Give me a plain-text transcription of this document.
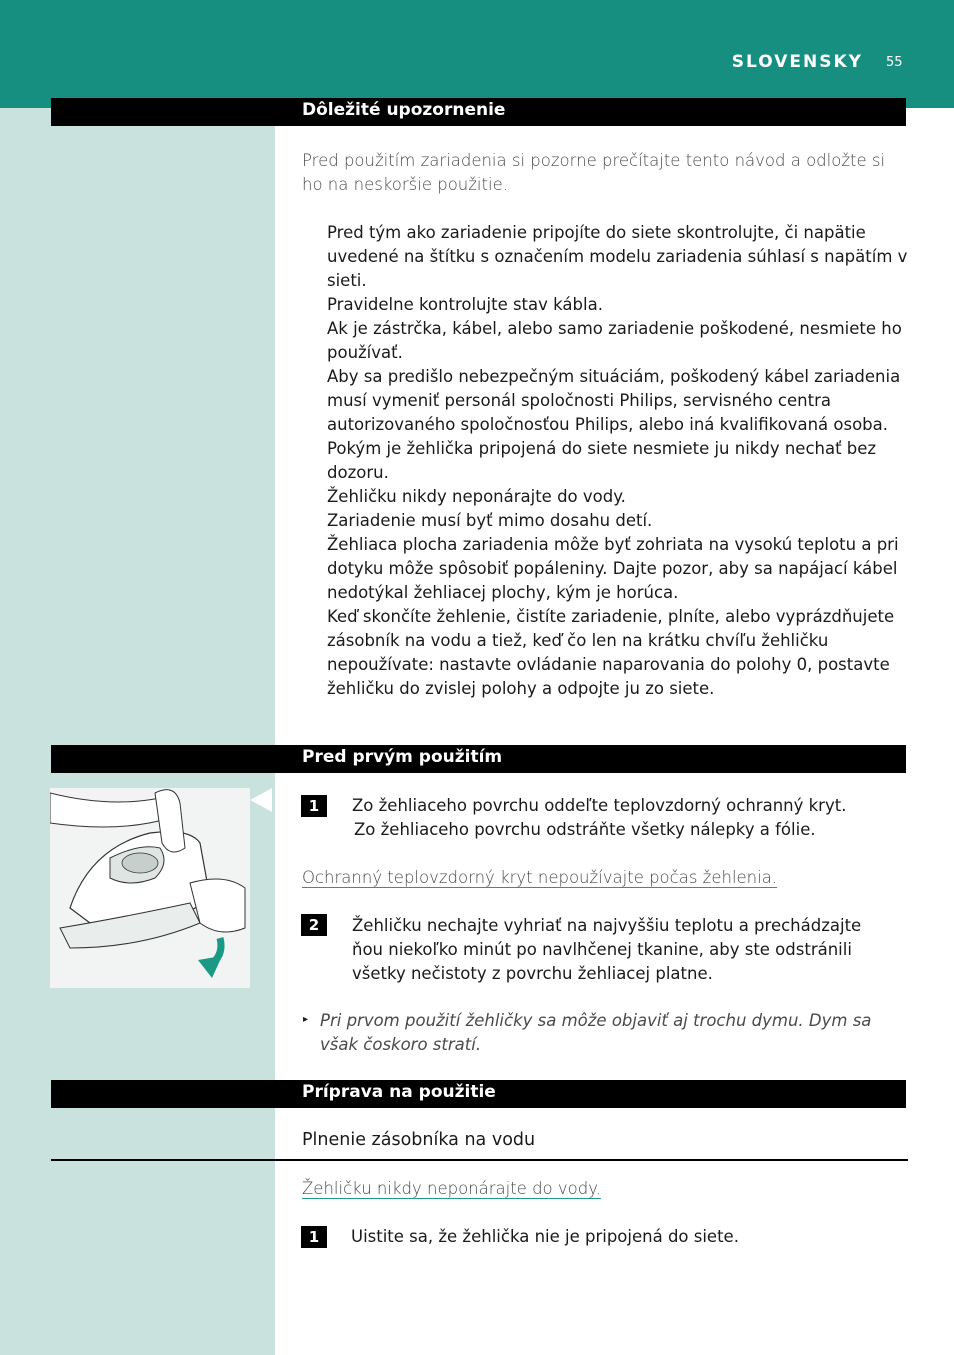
SLOVENSKY 55
Dôležité upozornenie
Pred použitím zariadenia si pozorne prečítajte tento návod a odložte si ho na neskoršie použitie.
Pred tým ako zariadenie pripojíte do siete skontrolujte, či napätie uvedené na štítku s označením modelu zariadenia súhlasí s napätím v sieti.
Pravidelne kontrolujte stav kábla.
Ak je zástrčka, kábel, alebo samo zariadenie poškodené, nesmiete ho používať.
Aby sa predišlo nebezpečným situáciám, poškodený kábel zariadenia musí vymeniť personál spoločnosti Philips, servisného centra autorizovaného spoločnosťou Philips, alebo iná kvalifikovaná osoba.
Pokým je žehlička pripojená do siete nesmiete ju nikdy nechať bez dozoru.
Žehličku nikdy neponárajte do vody.
Zariadenie musí byť mimo dosahu detí.
Žehliaca plocha zariadenia môže byť zohriata na vysokú teplotu a pri dotyku môže spôsobiť popáleniny. Dajte pozor, aby sa napájací kábel nedotýkal žehliacej plochy, kým je horúca.
Keď skončíte žehlenie, čistíte zariadenie, plníte, alebo vyprázdňujete zásobník na vodu a tiež, keď čo len na krátku chvíľu žehličku nepoužívate: nastavte ovládanie naparovania do polohy 0, postavte žehličku do zvislej polohy a odpojte ju zo siete.
Pred prvým použitím
1	Zo žehliaceho povrchu oddeľte teplovzdorný ochranný kryt.
Zo žehliaceho povrchu odstráňte všetky nálepky a fólie.
Ochranný teplovzdorný kryt nepoužívajte počas žehlenia.
2	Žehličku nechajte vyhriať na najvyššiu teplotu a prechádzajte ňou niekoľko minút po navlhčenej tkanine, aby ste odstránili všetky nečistoty z povrchu žehliacej platne.
▸ Pri prvom použití žehličky sa môže objaviť aj trochu dymu. Dym sa však čoskoro stratí.
Príprava na použitie
Plnenie zásobníka na vodu
Žehličku nikdy neponárajte do vody.
1	Uistite sa, že žehlička nie je pripojená do siete.
